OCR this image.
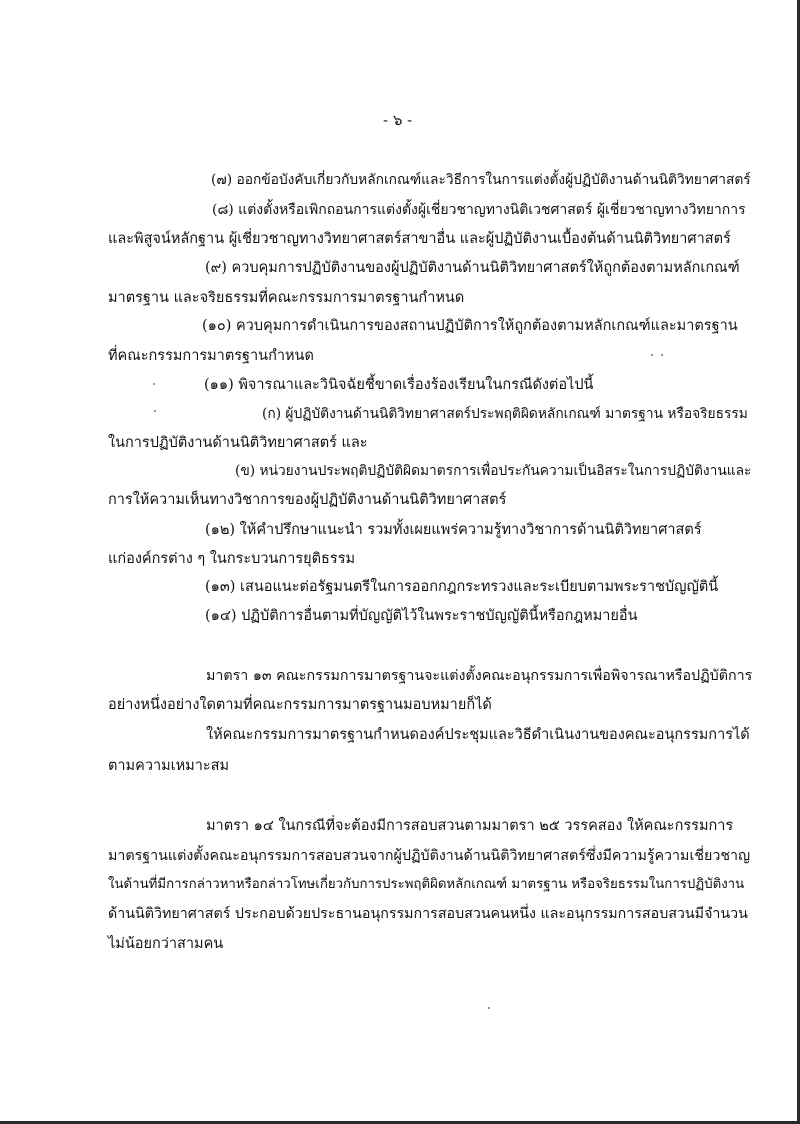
- ๖ -
(๗) ออกข้อบังคับเกี่ยวกับหลักเกณฑ์และวิธีการในการแต่งตั้งผู้ปฏิบัติงานด้านนิติวิทยาศาสตร์
(๘) แต่งตั้งหรือเพิกถอนการแต่งตั้งผู้เชี่ยวชาญทางนิติเวชศาสตร์ ผู้เชี่ยวชาญทางวิทยาการ
และพิสูจน์หลักฐาน ผู้เชี่ยวชาญทางวิทยาศาสตร์สาขาอื่น และผู้ปฏิบัติงานเบื้องต้นด้านนิติวิทยาศาสตร์
(๙) ควบคุมการปฏิบัติงานของผู้ปฏิบัติงานด้านนิติวิทยาศาสตร์ให้ถูกต้องตามหลักเกณฑ์
มาตรฐาน และจริยธรรมที่คณะกรรมการมาตรฐานกำหนด
(๑๐) ควบคุมการดำเนินการของสถานปฏิบัติการให้ถูกต้องตามหลักเกณฑ์และมาตรฐาน
ที่คณะกรรมการมาตรฐานกำหนด
(๑๑) พิจารณาและวินิจฉัยชี้ขาดเรื่องร้องเรียนในกรณีดังต่อไปนี้
(ก) ผู้ปฏิบัติงานด้านนิติวิทยาศาสตร์ประพฤติผิดหลักเกณฑ์ มาตรฐาน หรือจริยธรรม
ในการปฏิบัติงานด้านนิติวิทยาศาสตร์ และ
(ข) หน่วยงานประพฤติปฏิบัติผิดมาตรการเพื่อประกันความเป็นอิสระในการปฏิบัติงานและ
การให้ความเห็นทางวิชาการของผู้ปฏิบัติงานด้านนิติวิทยาศาสตร์
(๑๒) ให้คำปรึกษาแนะนำ รวมทั้งเผยแพร่ความรู้ทางวิชาการด้านนิติวิทยาศาสตร์
แก่องค์กรต่าง ๆ ในกระบวนการยุติธรรม
(๑๓) เสนอแนะต่อรัฐมนตรีในการออกกฎกระทรวงและระเบียบตามพระราชบัญญัตินี้
(๑๔) ปฏิบัติการอื่นตามที่บัญญัติไว้ในพระราชบัญญัตินี้หรือกฎหมายอื่น
มาตรา ๑๓ คณะกรรมการมาตรฐานจะแต่งตั้งคณะอนุกรรมการเพื่อพิจารณาหรือปฏิบัติการ
อย่างหนึ่งอย่างใดตามที่คณะกรรมการมาตรฐานมอบหมายก็ได้
ให้คณะกรรมการมาตรฐานกำหนดองค์ประชุมและวิธีดำเนินงานของคณะอนุกรรมการได้
ตามความเหมาะสม
มาตรา ๑๔ ในกรณีที่จะต้องมีการสอบสวนตามมาตรา ๒๕ วรรคสอง ให้คณะกรรมการ
มาตรฐานแต่งตั้งคณะอนุกรรมการสอบสวนจากผู้ปฏิบัติงานด้านนิติวิทยาศาสตร์ซึ่งมีความรู้ความเชี่ยวชาญ
ในด้านที่มีการกล่าวหาหรือกล่าวโทษเกี่ยวกับการประพฤติผิดหลักเกณฑ์ มาตรฐาน หรือจริยธรรมในการปฏิบัติงาน
ด้านนิติวิทยาศาสตร์ ประกอบด้วยประธานอนุกรรมการสอบสวนคนหนึ่ง และอนุกรรมการสอบสวนมีจำนวน
ไม่น้อยกว่าสามคน
